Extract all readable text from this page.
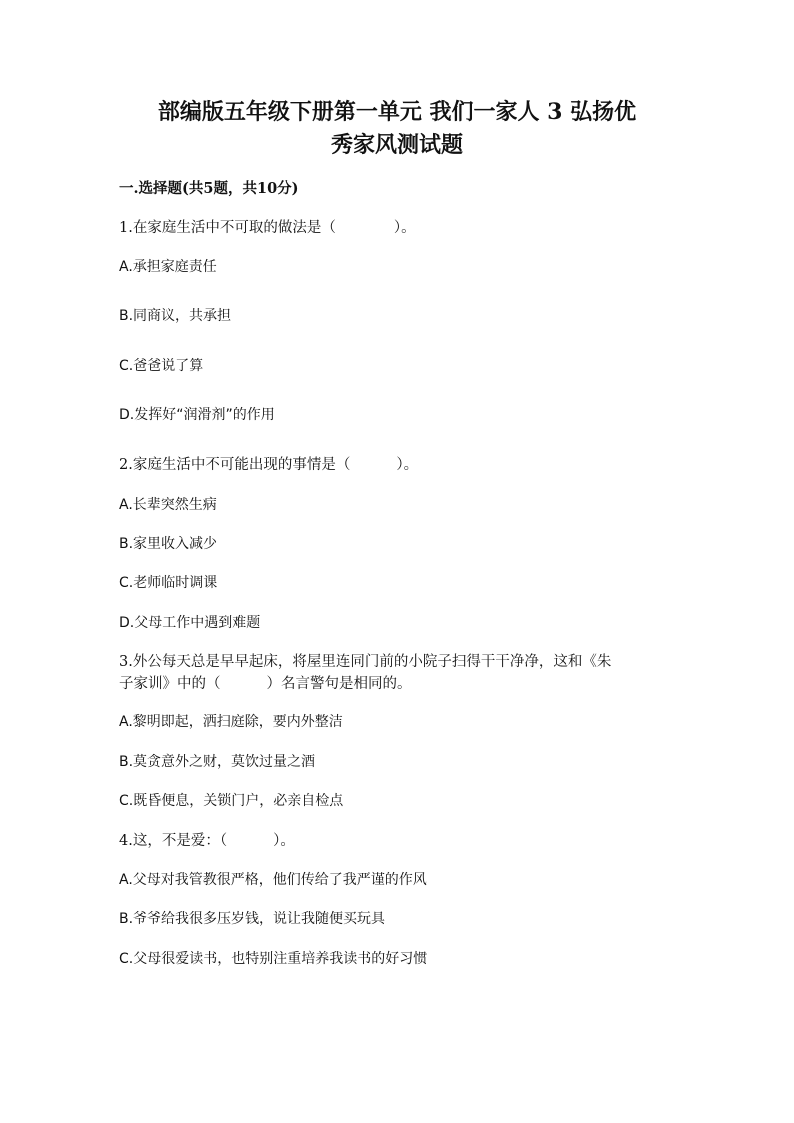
部编版五年级下册第一单元 我们一家人 3 弘扬优
秀家风测试题
一.选择题(共5题，共10分)
1.在家庭生活中不可取的做法是（	）。
A.承担家庭责任
B.同商议，共承担
C.爸爸说了算
D.发挥好“润滑剂”的作用
2.家庭生活中不可能出现的事情是（	）。
A.长辈突然生病
B.家里收入减少
C.老师临时调课
D.父母工作中遇到难题
3.外公每天总是早早起床，将屋里连同门前的小院子扫得干干净净，这和《朱
子家训》中的（	）名言警句是相同的。
A.黎明即起，洒扫庭除，要内外整洁
B.莫贪意外之财，莫饮过量之酒
C.既昏便息，关锁门户，必亲自检点
4.这，不是爱：（	）。
A.父母对我管教很严格，他们传给了我严谨的作风
B.爷爷给我很多压岁钱，说让我随便买玩具
C.父母很爱读书，也特别注重培养我读书的好习惯
